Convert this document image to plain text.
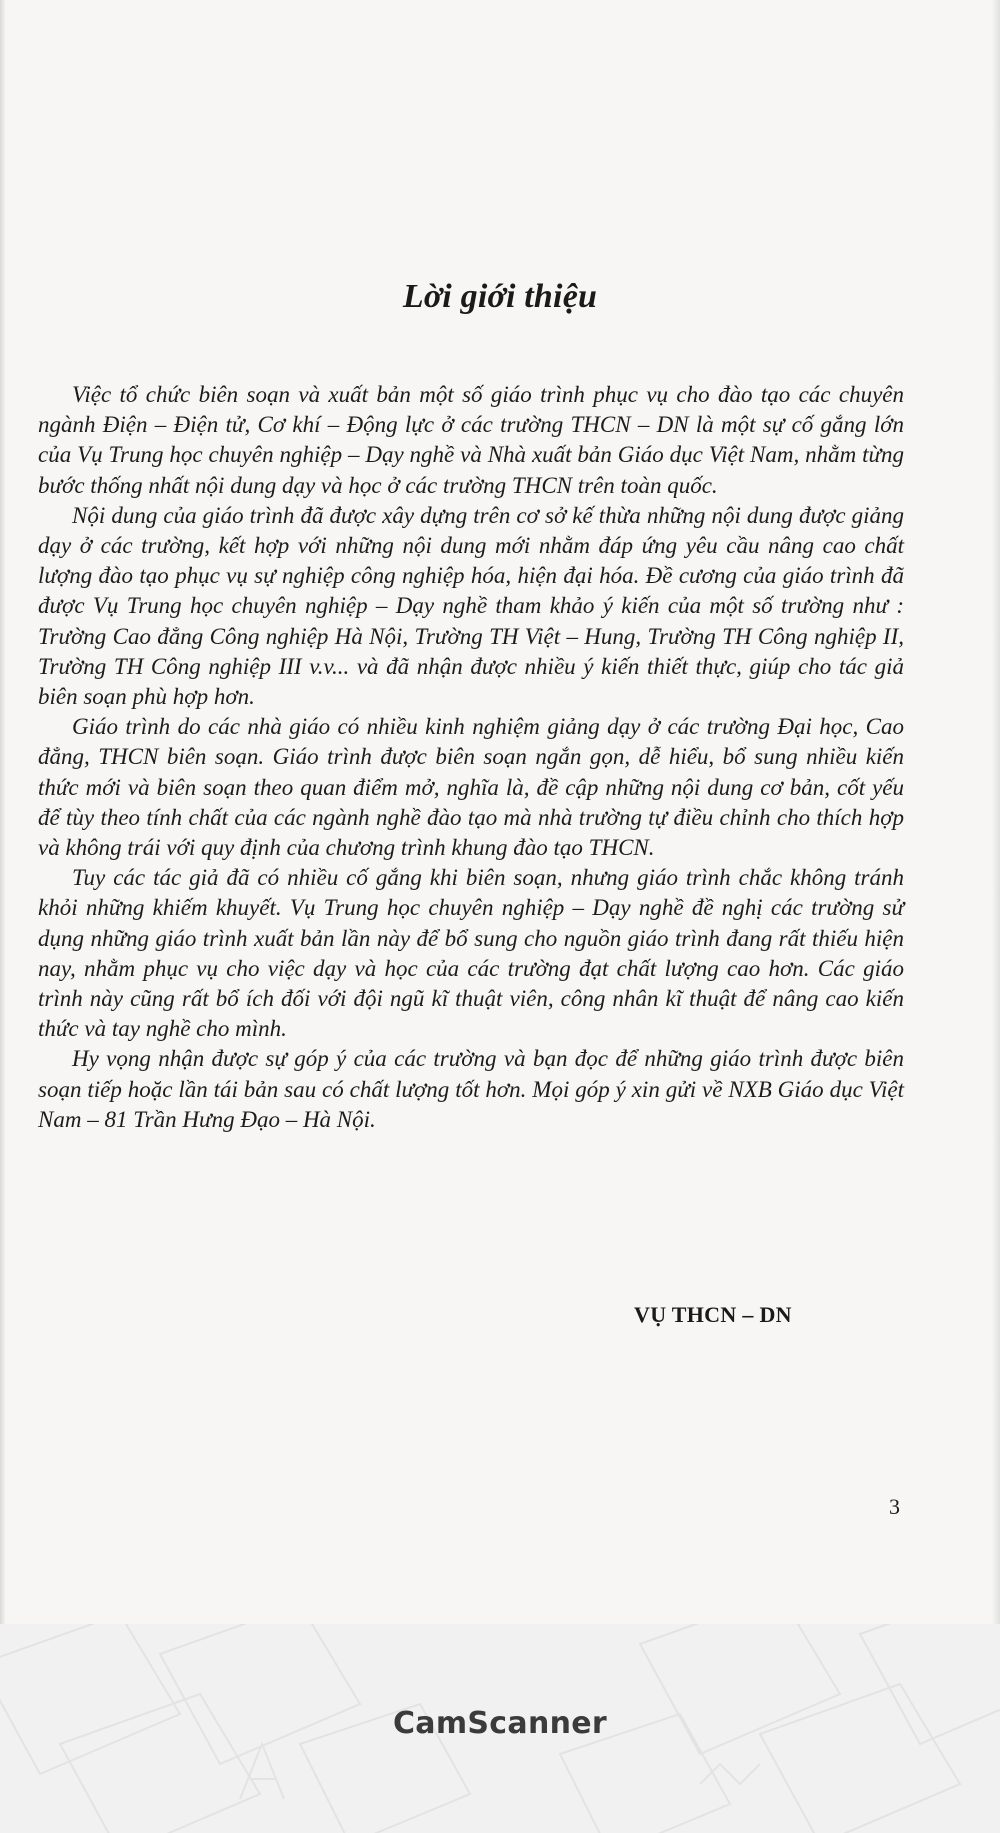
Lời giới thiệu

Việc tổ chức biên soạn và xuất bản một số giáo trình phục vụ cho đào tạo các chuyên ngành Điện – Điện tử, Cơ khí – Động lực ở các trường THCN – DN là một sự cố gắng lớn của Vụ Trung học chuyên nghiệp – Dạy nghề và Nhà xuất bản Giáo dục Việt Nam, nhằm từng bước thống nhất nội dung dạy và học ở các trường THCN trên toàn quốc.

Nội dung của giáo trình đã được xây dựng trên cơ sở kế thừa những nội dung được giảng dạy ở các trường, kết hợp với những nội dung mới nhằm đáp ứng yêu cầu nâng cao chất lượng đào tạo phục vụ sự nghiệp công nghiệp hóa, hiện đại hóa. Đề cương của giáo trình đã được Vụ Trung học chuyên nghiệp – Dạy nghề tham khảo ý kiến của một số trường như : Trường Cao đẳng Công nghiệp Hà Nội, Trường TH Việt – Hung, Trường TH Công nghiệp II, Trường TH Công nghiệp III v.v... và đã nhận được nhiều ý kiến thiết thực, giúp cho tác giả biên soạn phù hợp hơn.

Giáo trình do các nhà giáo có nhiều kinh nghiệm giảng dạy ở các trường Đại học, Cao đẳng, THCN biên soạn. Giáo trình được biên soạn ngắn gọn, dễ hiểu, bổ sung nhiều kiến thức mới và biên soạn theo quan điểm mở, nghĩa là, đề cập những nội dung cơ bản, cốt yếu để tùy theo tính chất của các ngành nghề đào tạo mà nhà trường tự điều chỉnh cho thích hợp và không trái với quy định của chương trình khung đào tạo THCN.

Tuy các tác giả đã có nhiều cố gắng khi biên soạn, nhưng giáo trình chắc không tránh khỏi những khiếm khuyết. Vụ Trung học chuyên nghiệp – Dạy nghề đề nghị các trường sử dụng những giáo trình xuất bản lần này để bổ sung cho nguồn giáo trình đang rất thiếu hiện nay, nhằm phục vụ cho việc dạy và học của các trường đạt chất lượng cao hơn. Các giáo trình này cũng rất bổ ích đối với đội ngũ kĩ thuật viên, công nhân kĩ thuật để nâng cao kiến thức và tay nghề cho mình.

Hy vọng nhận được sự góp ý của các trường và bạn đọc để những giáo trình được biên soạn tiếp hoặc lần tái bản sau có chất lượng tốt hơn. Mọi góp ý xin gửi về NXB Giáo dục Việt Nam – 81 Trần Hưng Đạo – Hà Nội.

VỤ THCN – DN
3
CamScanner
